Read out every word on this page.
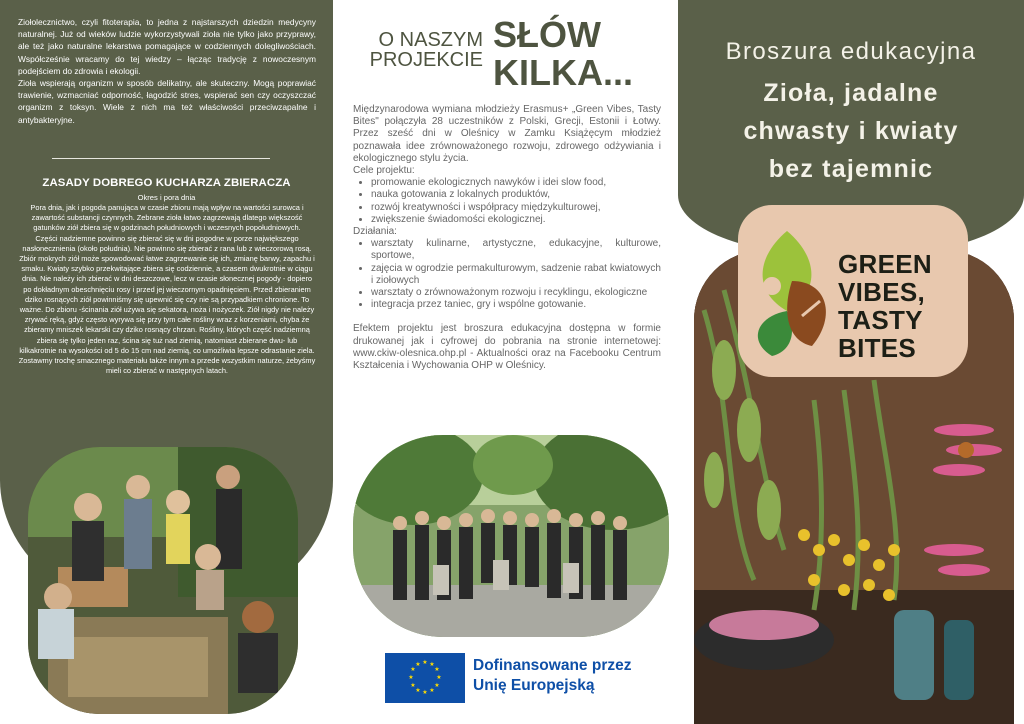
Ziołolecznictwo, czyli fitoterapia, to jedna z najstarszych dziedzin medycyny naturalnej. Już od wieków ludzie wykorzystywali zioła nie tylko jako przyprawy, ale też jako naturalne lekarstwa pomagające w codziennych dolegliwościach. Współcześnie wracamy do tej wiedzy – łącząc tradycję z nowoczesnym podejściem do zdrowia i ekologii.

Zioła wspierają organizm w sposób delikatny, ale skuteczny. Mogą poprawiać trawienie, wzmacniać odporność, łagodzić stres, wspierać sen czy oczyszczać organizm z toksyn. Wiele z nich ma też właściwości przeciwzapalne i antybakteryjne.

ZASADY DOBREGO KUCHARZA ZBIERACZA
Okres i pora dnia

Pora dnia, jak i pogoda panująca w czasie zbioru mają wpływ na wartości surowca i zawartość substancji czynnych. Zebrane zioła łatwo zagrzewają dlatego większość gatunków ziół zbiera się w godzinach południowych i wczesnych popołudniowych.

Części nadziemne powinno się zbierać się w dni pogodne w porze największego nasłonecznienia (około południa). Nie powinno się zbierać z rana lub z wieczorową rosą. Zbiór mokrych ziół może spowodować łatwe zagrzewanie się ich, zmianę barwy, zapachu i smaku. Kwiaty szybko przekwitające zbiera się codziennie, a czasem dwukrotnie w ciągu dnia. Nie należy ich zbierać w dni deszczowe, lecz w czasie słonecznej pogody - dopiero po dokładnym obeschnięciu rosy i przed jej wieczornym opadnięciem. Przed zbieraniem dziko rosnących ziół powinniśmy się upewnić się czy nie są przypadkiem chronione. To ważne. Do zbioru -ścinania ziół używa się sekatora, noża i nożyczek. Ziół nigdy nie należy zrywać ręką, gdyż często wyrywa się przy tym całe rośliny wraz z korzeniami, chyba że zbieramy mniszek lekarski czy dziko rosnący chrzan. Rośliny, których część nadziemną zbiera się tylko jeden raz, ścina się tuż nad ziemią, natomiast zbierane dwu- lub kilkakrotnie na wysokości od 5 do 15 cm nad ziemią, co umożliwia lepsze odrastanie ziela. Zostawmy trochę smacznego materiału także innym a przede wszystkim naturze, żebyśmy mieli co zbierać w następnych latach.

O NASZYM
PROJEKCIE
SŁÓW
KILKA...

Międzynarodowa wymiana młodzieży Erasmus+ „Green Vibes, Tasty Bites" połączyła 28 uczestników z Polski, Grecji, Estonii i Łotwy. Przez sześć dni w Oleśnicy w Zamku Książęcym młodzież poznawała idee zrównoważonego rozwoju, zdrowego odżywiania i ekologicznego stylu życia.

Cele projektu:

• promowanie ekologicznych nawyków i idei slow food,
• nauka gotowania z lokalnych produktów,
• rozwój kreatywności i współpracy międzykulturowej,
• zwiększenie świadomości ekologicznej.

Działania:

• warsztaty kulinarne, artystyczne, edukacyjne, kulturowe, sportowe,
• zajęcia w ogrodzie permakulturowym, sadzenie rabat kwiatowych i ziołowych
• warsztaty o zrównoważonym rozwoju i recyklingu, ekologiczne
• integracja przez taniec, gry i wspólne gotowanie.

Efektem projektu jest broszura edukacyjna dostępna w formie drukowanej jak i cyfrowej do pobrania na stronie internetowej: www.ckiw-olesnica.ohp.pl - Aktualności oraz na Facebooku Centrum Kształcenia i Wychowania OHP w Oleśnicy.

★ ★
★
★
★
★
★
★
★
★
★
★	Dofinansowane przez
Unię Europejską
Broszura edukacyjna
Zioła, jadalne
chwasty i kwiaty
bez tajemnic
GREEN
VIBES,
TASTY
BITES
